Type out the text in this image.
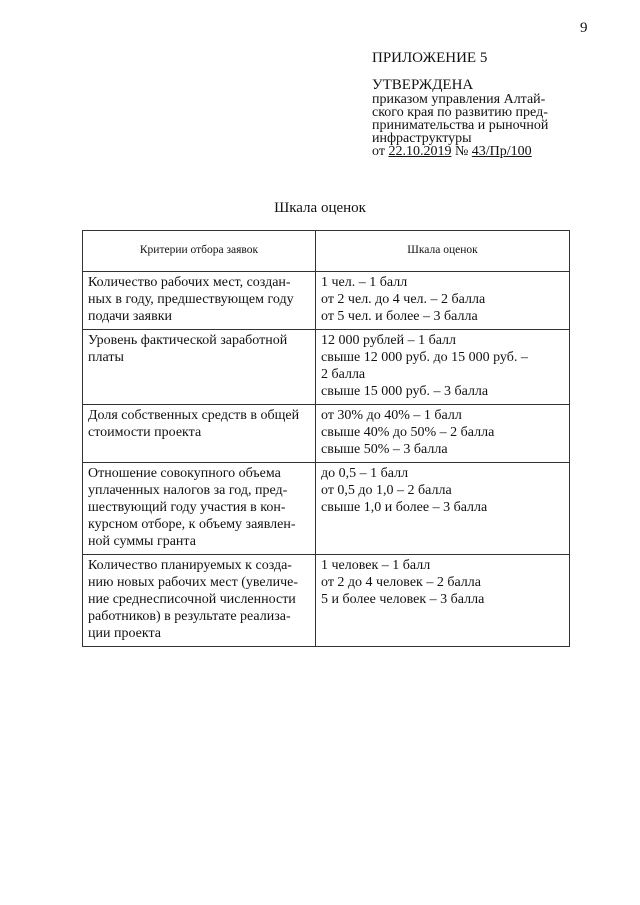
9
ПРИЛОЖЕНИЕ 5
УТВЕРЖДЕНА
приказом управления Алтай-
ского края по развитию пред-
принимательства и рыночной
инфраструктуры
от 22.10.2019 № 43/Пр/100
Шкала оценок
Критерии отбора заявок	Шкала оценок

Количество рабочих мест, создан-
ных в году, предшествующем году
подачи заявки	1 чел. – 1 балл
от 2 чел. до 4 чел. – 2 балла
от 5 чел. и более – 3 балла

Уровень фактической заработной
платы	12 000 рублей – 1 балл
свыше 12 000 руб. до 15 000 руб. –
2 балла
свыше 15 000 руб. – 3 балла

Доля собственных средств в общей
стоимости проекта	от 30% до 40% – 1 балл
свыше 40% до 50% – 2 балла
свыше 50% – 3 балла

Отношение совокупного объема
уплаченных налогов за год, пред-
шествующий году участия в кон-
курсном отборе, к объему заявлен-
ной суммы гранта	до 0,5 – 1 балл
от 0,5 до 1,0 – 2 балла
свыше 1,0 и более – 3 балла

Количество планируемых к созда-
нию новых рабочих мест (увеличе-
ние среднесписочной численности
работников) в результате реализа-
ции проекта	1 человек – 1 балл
от 2 до 4 человек – 2 балла
5 и более человек – 3 балла
